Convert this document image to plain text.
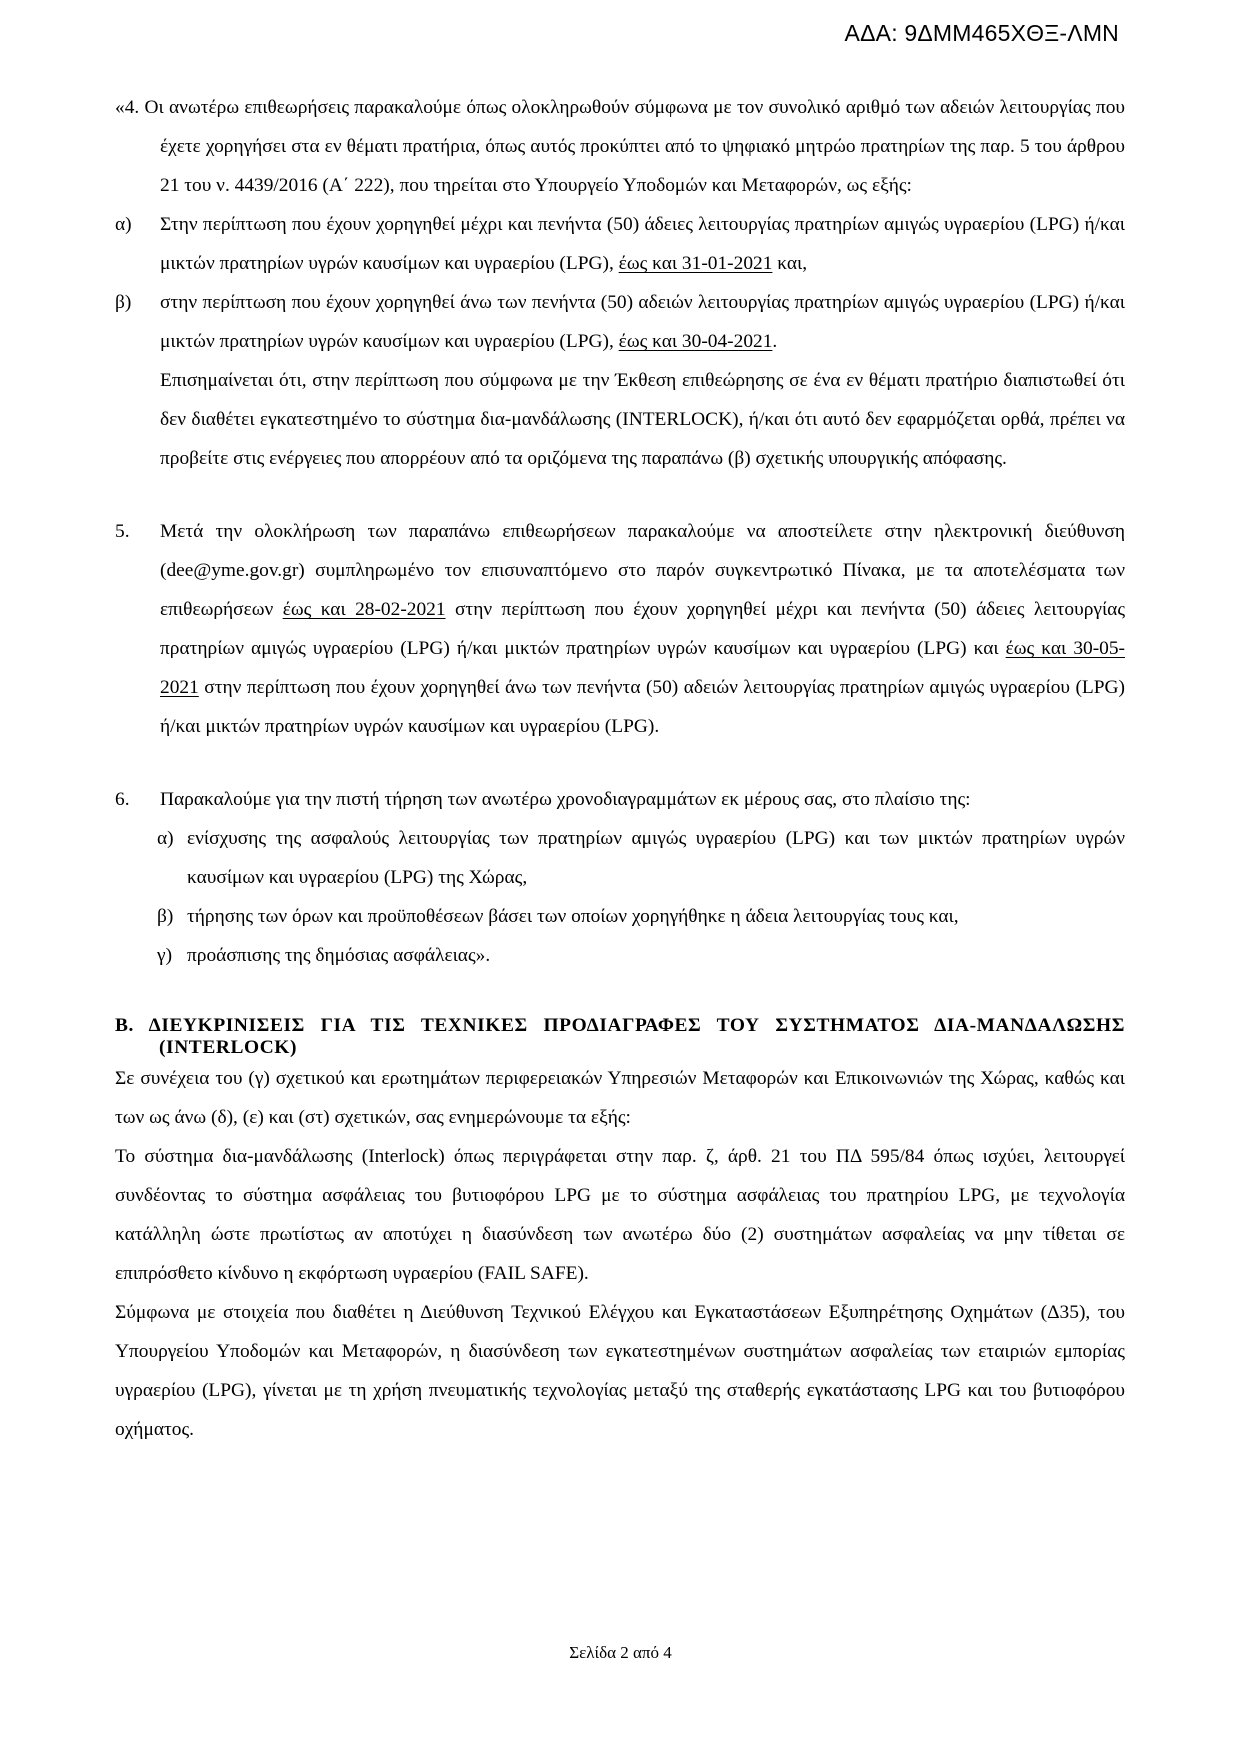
ΑΔΑ: 9ΔΜΜ465ΧΘΞ-ΛΜΝ
«4. Οι ανωτέρω επιθεωρήσεις παρακαλούμε όπως ολοκληρωθούν σύμφωνα με τον συνολικό αριθμό των αδειών λειτουργίας που έχετε χορηγήσει στα εν θέματι πρατήρια, όπως αυτός προκύπτει από το ψηφιακό μητρώο πρατηρίων της παρ. 5 του άρθρου 21 του ν. 4439/2016 (Α΄ 222), που τηρείται στο Υπουργείο Υποδομών και Μεταφορών, ως εξής:
α) Στην περίπτωση που έχουν χορηγηθεί μέχρι και πενήντα (50) άδειες λειτουργίας πρατηρίων αμιγώς υγραερίου (LPG) ή/και μικτών πρατηρίων υγρών καυσίμων και υγραερίου (LPG), έως και 31-01-2021 και,
β) στην περίπτωση που έχουν χορηγηθεί άνω των πενήντα (50) αδειών λειτουργίας πρατηρίων αμιγώς υγραερίου (LPG) ή/και μικτών πρατηρίων υγρών καυσίμων και υγραερίου (LPG), έως και 30-04-2021.
Επισημαίνεται ότι, στην περίπτωση που σύμφωνα με την Έκθεση επιθεώρησης σε ένα εν θέματι πρατήριο διαπιστωθεί ότι δεν διαθέτει εγκατεστημένο το σύστημα δια-μανδάλωσης (INTERLOCK), ή/και ότι αυτό δεν εφαρμόζεται ορθά, πρέπει να προβείτε στις ενέργειες που απορρέουν από τα οριζόμενα της παραπάνω (β) σχετικής υπουργικής απόφασης.
5. Μετά την ολοκλήρωση των παραπάνω επιθεωρήσεων παρακαλούμε να αποστείλετε στην ηλεκτρονική διεύθυνση (dee@yme.gov.gr) συμπληρωμένο τον επισυναπτόμενο στο παρόν συγκεντρωτικό Πίνακα, με τα αποτελέσματα των επιθεωρήσεων έως και 28-02-2021 στην περίπτωση που έχουν χορηγηθεί μέχρι και πενήντα (50) άδειες λειτουργίας πρατηρίων αμιγώς υγραερίου (LPG) ή/και μικτών πρατηρίων υγρών καυσίμων και υγραερίου (LPG) και έως και 30-05-2021 στην περίπτωση που έχουν χορηγηθεί άνω των πενήντα (50) αδειών λειτουργίας πρατηρίων αμιγώς υγραερίου (LPG) ή/και μικτών πρατηρίων υγρών καυσίμων και υγραερίου (LPG).
6. Παρακαλούμε για την πιστή τήρηση των ανωτέρω χρονοδιαγραμμάτων εκ μέρους σας, στο πλαίσιο της:
α) ενίσχυσης της ασφαλούς λειτουργίας των πρατηρίων αμιγώς υγραερίου (LPG) και των μικτών πρατηρίων υγρών καυσίμων και υγραερίου (LPG) της Χώρας,
β) τήρησης των όρων και προϋποθέσεων βάσει των οποίων χορηγήθηκε η άδεια λειτουργίας τους και,
γ) προάσπισης της δημόσιας ασφάλειας».
Β. ΔΙΕΥΚΡΙΝΙΣΕΙΣ ΓΙΑ ΤΙΣ ΤΕΧΝΙΚΕΣ ΠΡΟΔΙΑΓΡΑΦΕΣ ΤΟΥ ΣΥΣΤΗΜΑΤΟΣ ΔΙΑ-ΜΑΝΔΑΛΩΣΗΣ (INTERLOCK)
Σε συνέχεια του (γ) σχετικού και ερωτημάτων περιφερειακών Υπηρεσιών Μεταφορών και Επικοινωνιών της Χώρας, καθώς και των ως άνω (δ), (ε) και (στ) σχετικών, σας ενημερώνουμε τα εξής:
Το σύστημα δια-μανδάλωσης (Interlock) όπως περιγράφεται στην παρ. ζ, άρθ. 21 του ΠΔ 595/84 όπως ισχύει, λειτουργεί συνδέοντας το σύστημα ασφάλειας του βυτιοφόρου LPG με το σύστημα ασφάλειας του πρατηρίου LPG, με τεχνολογία κατάλληλη ώστε πρωτίστως αν αποτύχει η διασύνδεση των ανωτέρω δύο (2) συστημάτων ασφαλείας να μην τίθεται σε επιπρόσθετο κίνδυνο η εκφόρτωση υγραερίου (FAIL SAFE).
Σύμφωνα με στοιχεία που διαθέτει η Διεύθυνση Τεχνικού Ελέγχου και Εγκαταστάσεων Εξυπηρέτησης Οχημάτων (Δ35), του Υπουργείου Υποδομών και Μεταφορών, η διασύνδεση των εγκατεστημένων συστημάτων ασφαλείας των εταιριών εμπορίας υγραερίου (LPG), γίνεται με τη χρήση πνευματικής τεχνολογίας μεταξύ της σταθερής εγκατάστασης LPG και του βυτιοφόρου οχήματος.
Σελίδα 2 από 4
